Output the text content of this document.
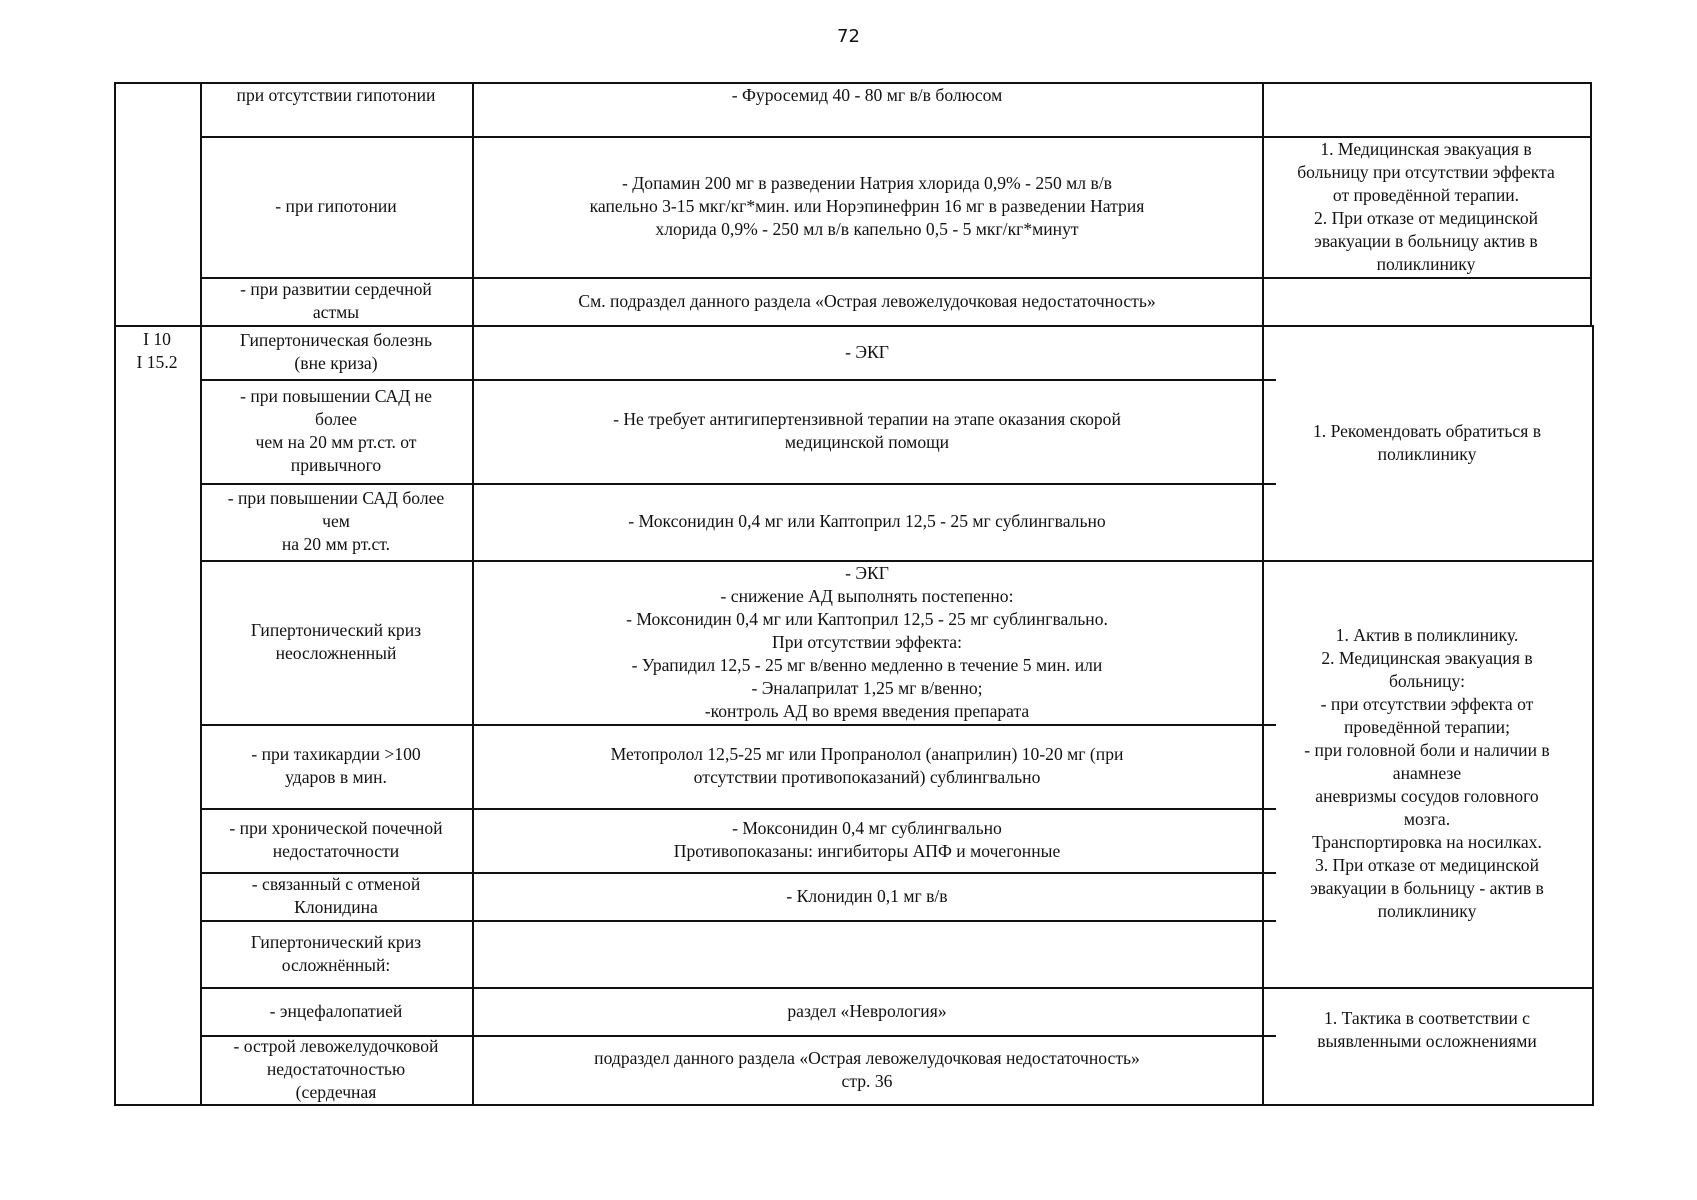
72
I 10
I 15.2
при отсутствии гипотонии	- Фуросемид 40 - 80 мг в/в болюсом
- при гипотонии
- Допамин 200 мг в разведении Натрия хлорида 0,9% - 250 мл в/в
капельно 3-15 мкг/кг*мин. или Норэпинефрин 16 мг в разведении Натрия
хлорида 0,9% - 250 мл в/в капельно 0,5 - 5 мкг/кг*минут
1. Медицинская эвакуация в
больницу при отсутствии эффекта
от проведённой терапии.
2. При отказе от медицинской
эвакуации в больницу актив в
поликлинику
- при развитии сердечной
астмы
См. подраздел данного раздела «Острая левожелудочковая недостаточность»
Гипертоническая болезнь
(вне криза)
- ЭКГ
- при повышении САД не
более
чем на 20 мм рт.ст. от
привычного
- Не требует антигипертензивной терапии на этапе оказания скорой
медицинской помощи
- при повышении САД более
чем
на 20 мм рт.ст.
- Моксонидин 0,4 мг или Каптоприл 12,5 - 25 мг сублингвально
1. Рекомендовать обратиться в
поликлинику
Гипертонический криз
неосложненный
- ЭКГ
- снижение АД выполнять постепенно:
- Моксонидин 0,4 мг или Каптоприл 12,5 - 25 мг сублингвально.
При отсутствии эффекта:
- Урапидил 12,5 - 25 мг в/венно медленно в течение 5 мин. или
- Эналаприлат 1,25 мг в/венно;
-контроль АД во время введения препарата
- при тахикардии >100
ударов в мин.
Метопролол 12,5-25 мг или Пропранолол (анаприлин) 10-20 мг (при
отсутствии противопоказаний) сублингвально
- при хронической почечной
недостаточности
- Моксонидин 0,4 мг сублингвально
Противопоказаны: ингибиторы АПФ и мочегонные
- связанный с отменой
Клонидина
- Клонидин 0,1 мг в/в
Гипертонический криз
осложнённый:
1. Актив в поликлинику.
2. Медицинская эвакуация в
больницу:
- при отсутствии эффекта от
проведённой терапии;
- при головной боли и наличии в
анамнезе
аневризмы сосудов головного
мозга.
Транспортировка на носилках.
3. При отказе от медицинской
эвакуации в больницу - актив в
поликлинику
- энцефалопатией	раздел «Неврология»
- острой левожелудочковой
недостаточностью
(сердечная
подраздел данного раздела «Острая левожелудочковая недостаточность»
стр. 36
1. Тактика в соответствии с
выявленными осложнениями
